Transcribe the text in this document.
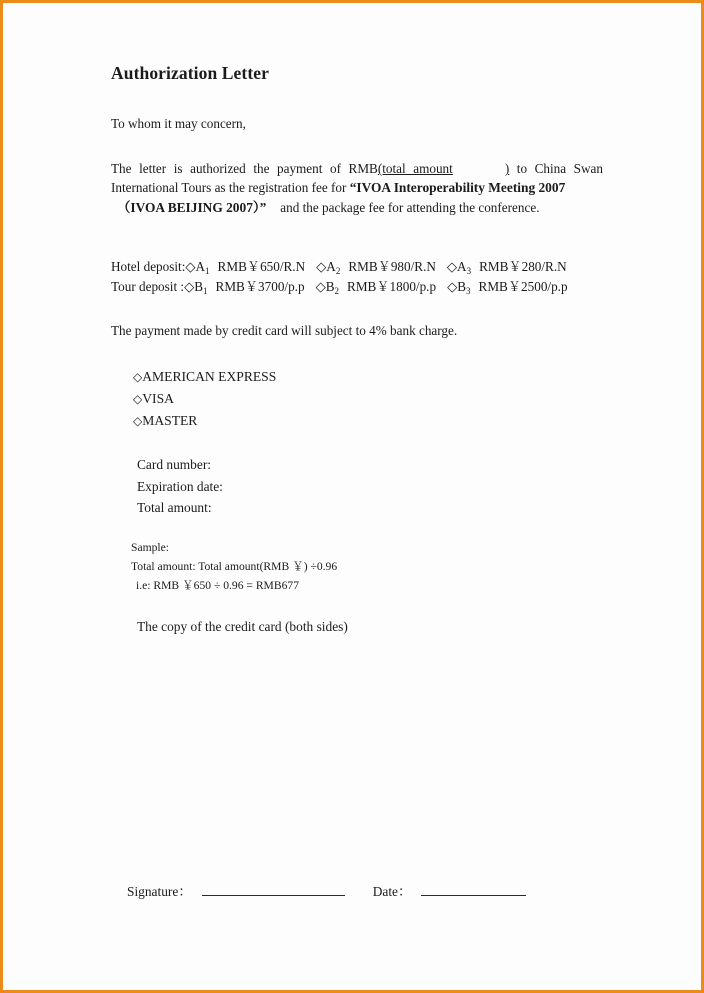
Authorization Letter

To whom it may concern,

The letter is authorized the payment of RMB(total amount	) to China Swan International Tours as the registration fee for “IVOA Interoperability Meeting 2007
（IVOA BEIJING 2007）” and the package fee for attending the conference.

Hotel $deposit:◇A_1$ RMB￥650/R.N $◇A_2$ RMB￥980/R.N $◇A_3$ RMB￥280/R.N
Tour deposit $:◇B_1$ RMB￥3700/p.p $◇B_2$ RMB￥1800/p.p $◇B_3$ RMB￥2500/p.p

The payment made by credit card will subject to 4% bank charge.

◇AMERICAN EXPRESS
◇VISA
◇MASTER
Card number:
Expiration date:
Total amount:
Sample:
Total amount: Total amount(RMB ￥) ÷0.96
i.e: RMB ￥650 ÷ 0.96 = RMB677

The copy of the credit card (both sides)

Signature：	Date：
